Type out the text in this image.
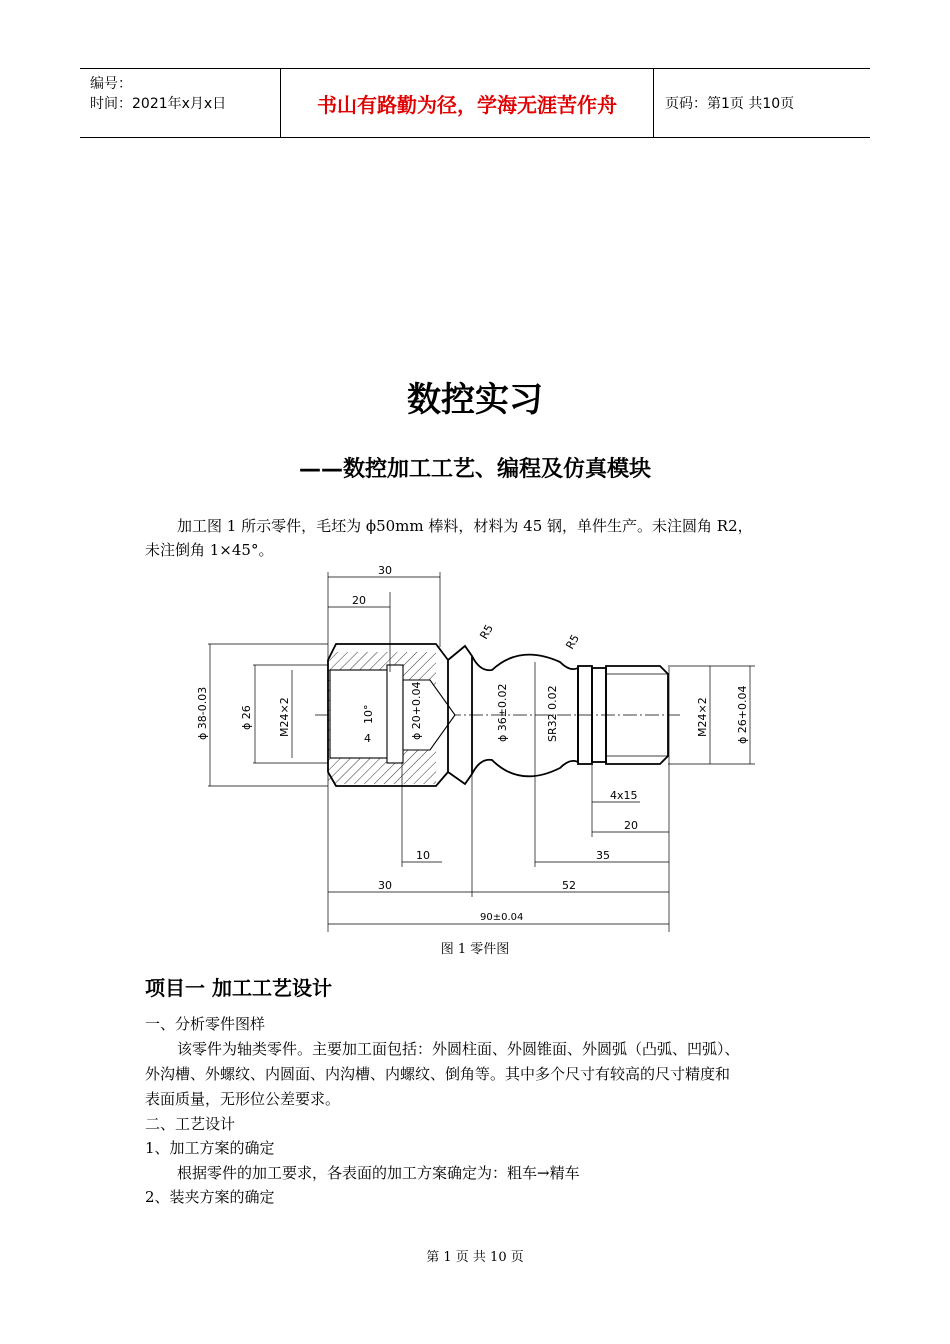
编号：
时间：2021年x月x日	书山有路勤为径，学海无涯苦作舟	页码：第1页 共10页
数控实习
——数控加工工艺、编程及仿真模块
加工图 1 所示零件，毛坯为 ϕ50mm 棒料，材料为 45 钢，单件生产。未注圆角 R2，
未注倒角 1×45°。
30
20
R5
R5
ϕ 38-0.03	ϕ 26 M24×2	10°
4	ϕ 20+0.04	ϕ 36±0.02	SR32 0.02	M24×2 ϕ 26+0.04
4x15
20
10	35
30	52
90±0.04
图 1 零件图
项目一 加工工艺设计
一、分析零件图样
该零件为轴类零件。主要加工面包括：外圆柱面、外圆锥面、外圆弧（凸弧、凹弧）、
外沟槽、外螺纹、内圆面、内沟槽、内螺纹、倒角等。其中多个尺寸有较高的尺寸精度和
表面质量，无形位公差要求。
二、工艺设计
1、加工方案的确定
根据零件的加工要求，各表面的加工方案确定为：粗车→精车
2、装夹方案的确定
第 1 页 共 10 页
